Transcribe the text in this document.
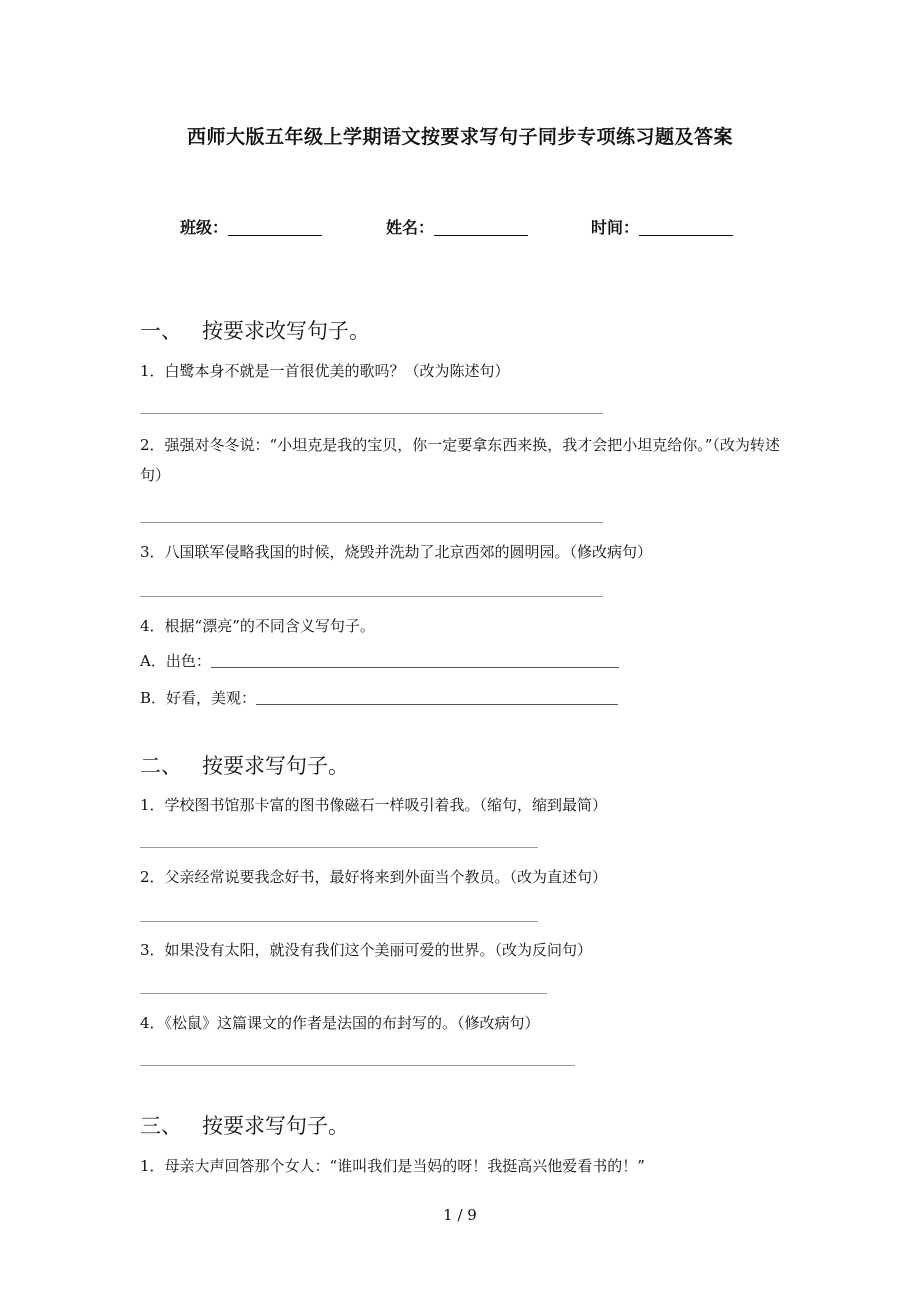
西师大版五年级上学期语文按要求写句子同步专项练习题及答案
班级：	姓名：	时间：
一、 按要求改写句子。
1．白鹭本身不就是一首很优美的歌吗？（改为陈述句）
2．强强对冬冬说：“小坦克是我的宝贝，你一定要拿东西来换，我才会把小坦克给你。”（改为转述句）
3．八国联军侵略我国的时候，烧毁并洗劫了北京西郊的圆明园。（修改病句）
4．根据“漂亮”的不同含义写句子。
A．出色：
B．好看，美观：
二、 按要求写句子。
1．学校图书馆那卡富的图书像磁石一样吸引着我。（缩句，缩到最简）
2．父亲经常说要我念好书，最好将来到外面当个教员。（改为直述句）
3．如果没有太阳，就没有我们这个美丽可爱的世界。（改为反问句）
4．《松鼠》这篇课文的作者是法国的布封写的。（修改病句）
三、 按要求写句子。
1．母亲大声回答那个女人：“谁叫我们是当妈的呀！我挺高兴他爱看书的！”
1 / 9
